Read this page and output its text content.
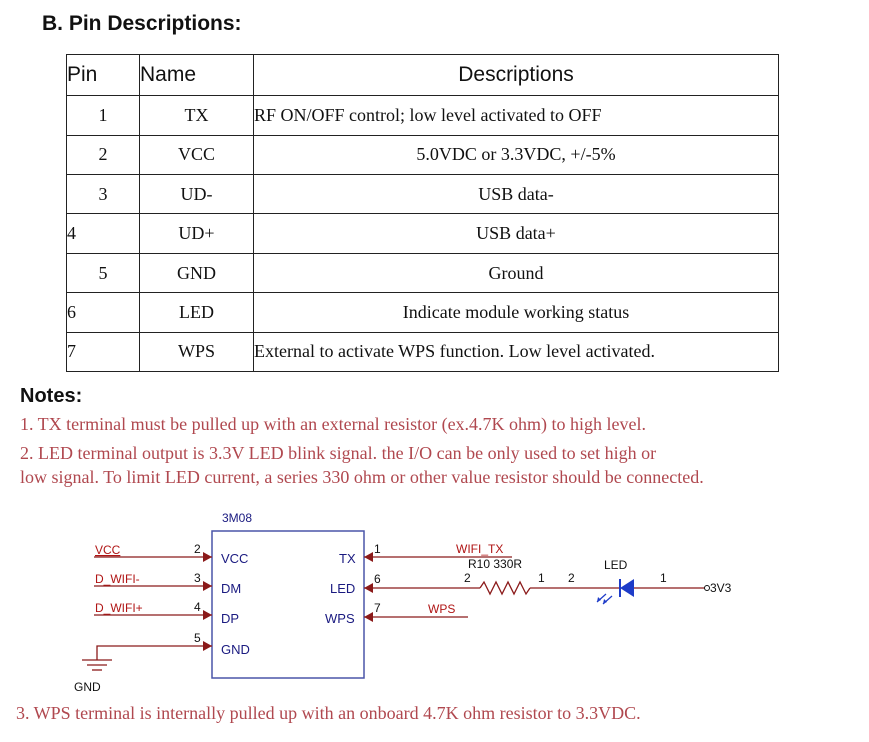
B. Pin Descriptions:
Pin	Name	Descriptions
1	TX	RF ON/OFF control; low level activated to OFF
2	VCC	5.0VDC or 3.3VDC, +/-5%
3	UD-	USB data-
4	UD+	USB data+
5	GND	Ground
6	LED	Indicate module working status
7	WPS	External to activate WPS function. Low level activated.
Notes:
1. TX terminal must be pulled up with an external resistor (ex.4.7K ohm) to high level.
2. LED terminal output is 3.3V LED blink signal. the I/O can be only used to set high or
low signal. To limit LED current, a series 330 ohm or other value resistor should be connected.
3. WPS terminal is internally pulled up with an onboard 4.7K ohm resistor to 3.3VDC.
3M08
VCC
D_WIFI-
D_WIFI+
2
3
4
5
VCC
DM
DP
GND
GND
TX
LED
WPS
1
6
7
WIFI_TX
WPS
R10 330R
2	1 2	1
LED
3V3
